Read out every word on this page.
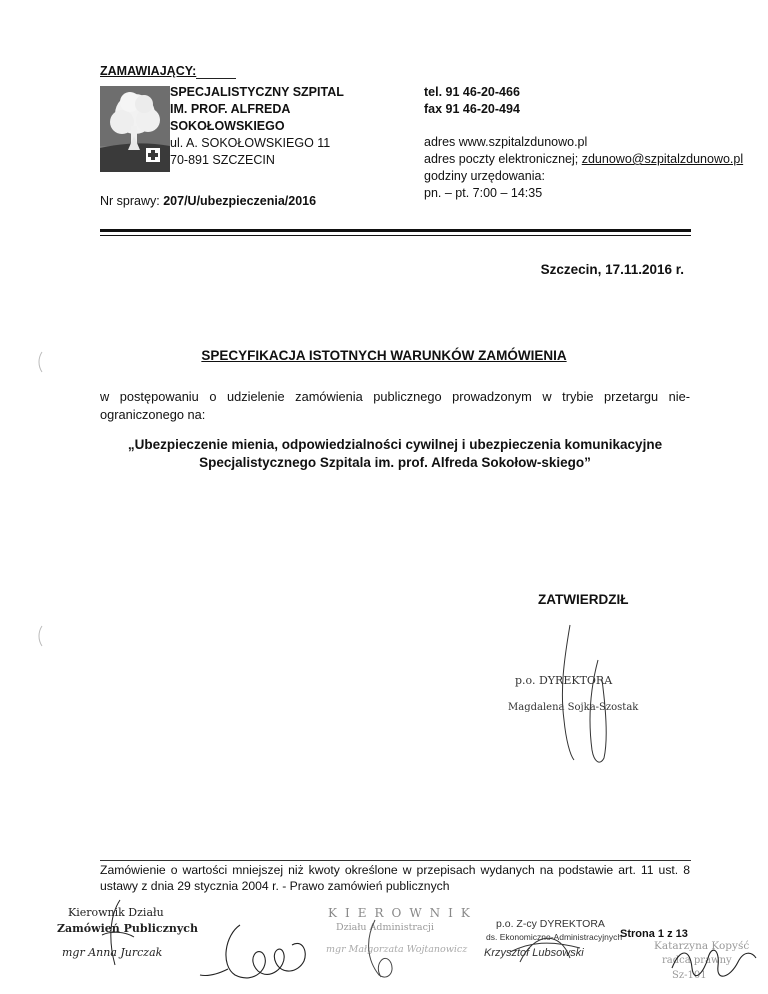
ZAMAWIAJĄCY:
SPECJALISTYCZNY SZPITAL
IM. PROF. ALFREDA
SOKOŁOWSKIEGO
ul. A. SOKOŁOWSKIEGO 11
70-891 SZCZECIN
tel. 91 46-20-466
fax 91 46-20-494
adres www.szpitalzdunowo.pl
adres poczty elektronicznej; zdunowo@szpitalzdunowo.pl
godziny urzędowania:
pn. – pt. 7:00 – 14:35
Nr sprawy: 207/U/ubezpieczenia/2016
Szczecin, 17.11.2016 r.
SPECYFIKACJA ISTOTNYCH WARUNKÓW ZAMÓWIENIA
w postępowaniu o udzielenie zamówienia publicznego prowadzonym w trybie przetargu nie-ograniczonego na:
„Ubezpieczenie mienia, odpowiedzialności cywilnej i ubezpieczenia komunikacyjne Specjalistycznego Szpitala im. prof. Alfreda Sokołow-skiego”
ZATWIERDZIŁ
p.o. DYREKTORA
Magdalena Sojka-Szostak
Zamówienie o wartości mniejszej niż kwoty określone w przepisach wydanych na podstawie art. 11 ust. 8 ustawy z dnia 29 stycznia 2004 r. - Prawo zamówień publicznych
Kierownik Działu
Zamówień Publicznych
mgr Anna Jurczak
KIEROWNIK
Działu Administracji
mgr Małgorzata Wojtanowicz
p.o. Z-cy DYREKTORA
ds. Ekonomiczno-Administracyjnych
Krzysztof Lubsowski
Strona 1 z 13
Katarzyna Kopyść
radca prawny
Sz-101
